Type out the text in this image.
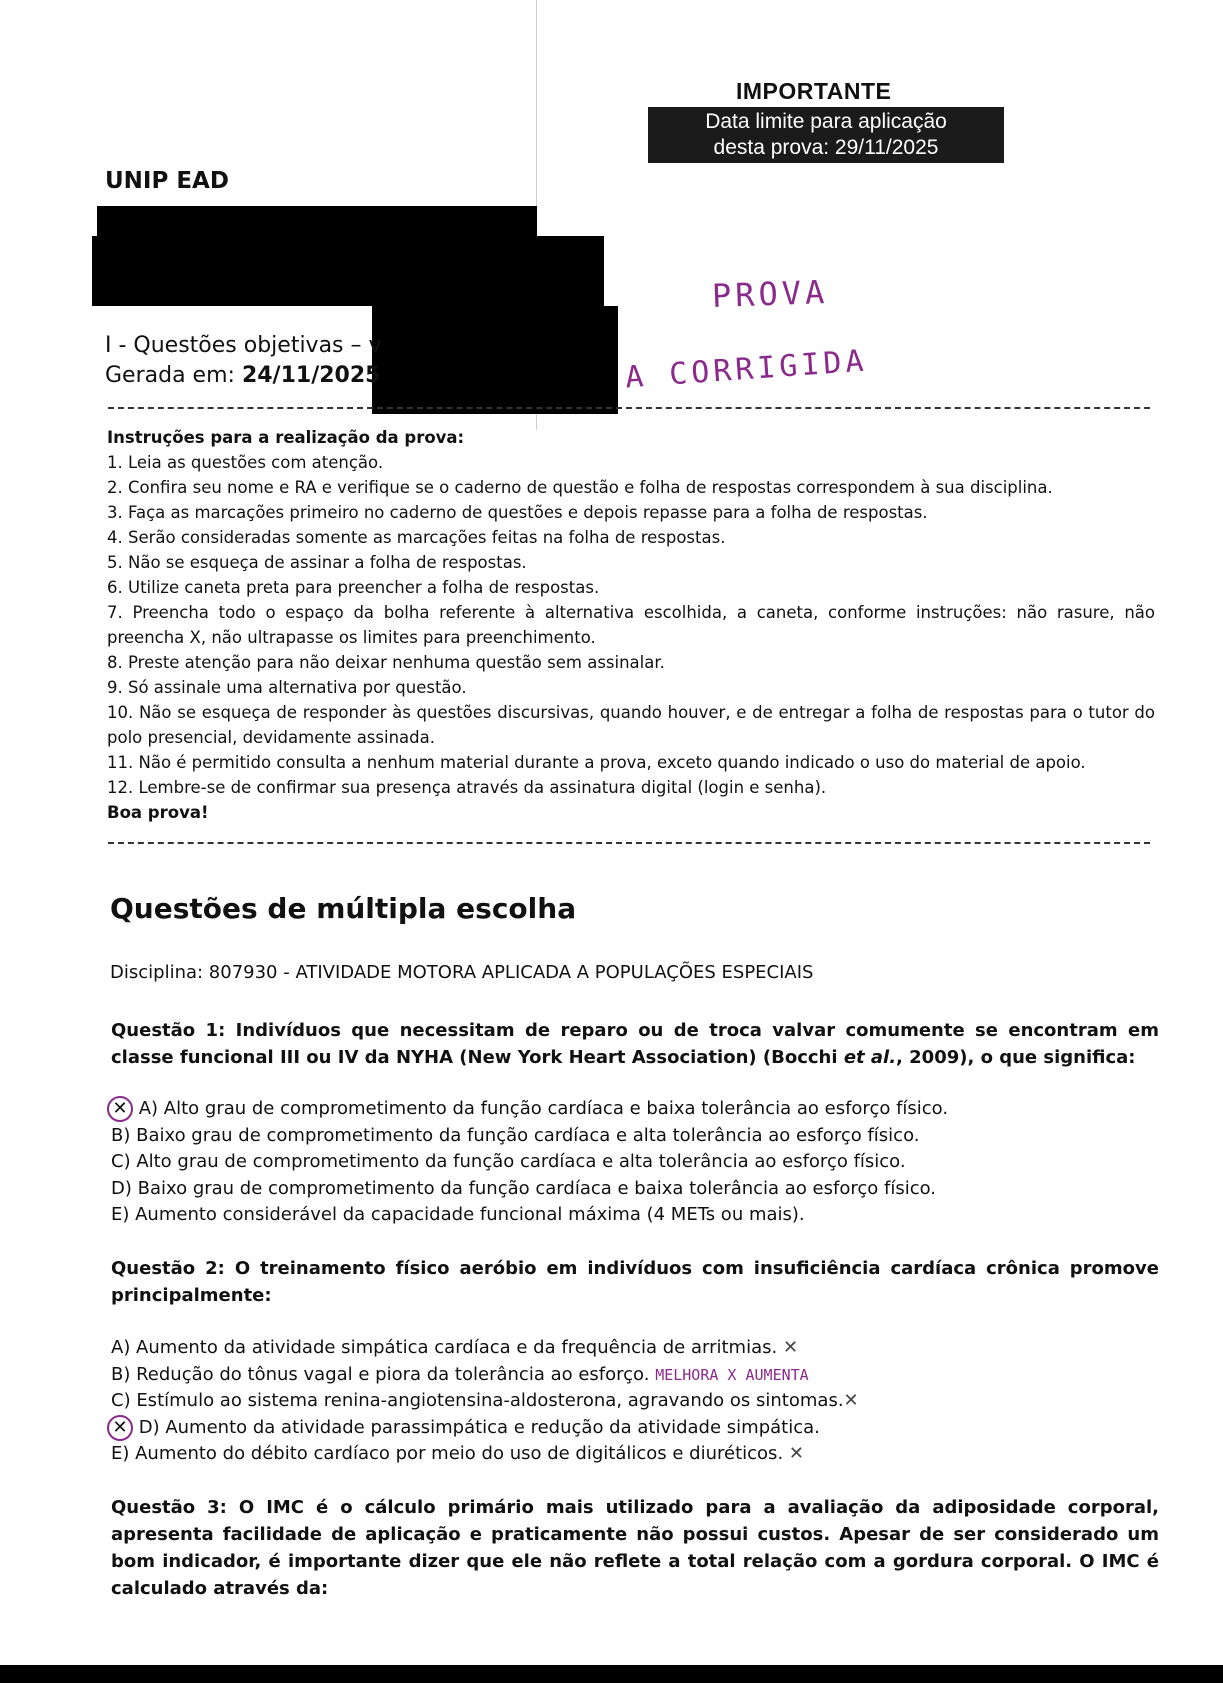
IMPORTANTE
Data limite para aplicação
desta prova: 29/11/2025
UNIP EAD
I - Questões objetivas – v
Gerada em: 24/11/2025
PROVA
A CORRIGIDA
Instruções para a realização da prova:

1. Leia as questões com atenção.

2. Confira seu nome e RA e verifique se o caderno de questão e folha de respostas correspondem à sua disciplina.

3. Faça as marcações primeiro no caderno de questões e depois repasse para a folha de respostas.

4. Serão consideradas somente as marcações feitas na folha de respostas.

5. Não se esqueça de assinar a folha de respostas.

6. Utilize caneta preta para preencher a folha de respostas.

7. Preencha todo o espaço da bolha referente à alternativa escolhida, a caneta, conforme instruções: não rasure, não preencha X, não ultrapasse os limites para preenchimento.

8. Preste atenção para não deixar nenhuma questão sem assinalar.

9. Só assinale uma alternativa por questão.

10. Não se esqueça de responder às questões discursivas, quando houver, e de entregar a folha de respostas para o tutor do polo presencial, devidamente assinada.

11. Não é permitido consulta a nenhum material durante a prova, exceto quando indicado o uso do material de apoio.

12. Lembre-se de confirmar sua presença através da assinatura digital (login e senha).

Boa prova!
Questões de múltipla escolha
Disciplina: 807930 - ATIVIDADE MOTORA APLICADA A POPULAÇÕES ESPECIAIS
Questão 1: Indivíduos que necessitam de reparo ou de troca valvar comumente se encontram em classe funcional III ou IV da NYHA (New York Heart Association) (Bocchi et al., 2009), o que significa:
✕ A) Alto grau de comprometimento da função cardíaca e baixa tolerância ao esforço físico.
B) Baixo grau de comprometimento da função cardíaca e alta tolerância ao esforço físico.
C) Alto grau de comprometimento da função cardíaca e alta tolerância ao esforço físico.
D) Baixo grau de comprometimento da função cardíaca e baixa tolerância ao esforço físico.
E) Aumento considerável da capacidade funcional máxima (4 METs ou mais).
Questão 2: O treinamento físico aeróbio em indivíduos com insuficiência cardíaca crônica promove principalmente:
A) Aumento da atividade simpática cardíaca e da frequência de arritmias. ✕
B) Redução do tônus vagal e piora da tolerância ao esforço. MELHORA X AUMENTA
C) Estímulo ao sistema renina-angiotensina-aldosterona, agravando os sintomas.✕
✕ D) Aumento da atividade parassimpática e redução da atividade simpática.
E) Aumento do débito cardíaco por meio do uso de digitálicos e diuréticos. ✕
Questão 3: O IMC é o cálculo primário mais utilizado para a avaliação da adiposidade corporal, apresenta facilidade de aplicação e praticamente não possui custos. Apesar de ser considerado um bom indicador, é importante dizer que ele não reflete a total relação com a gordura corporal. O IMC é calculado através da:
